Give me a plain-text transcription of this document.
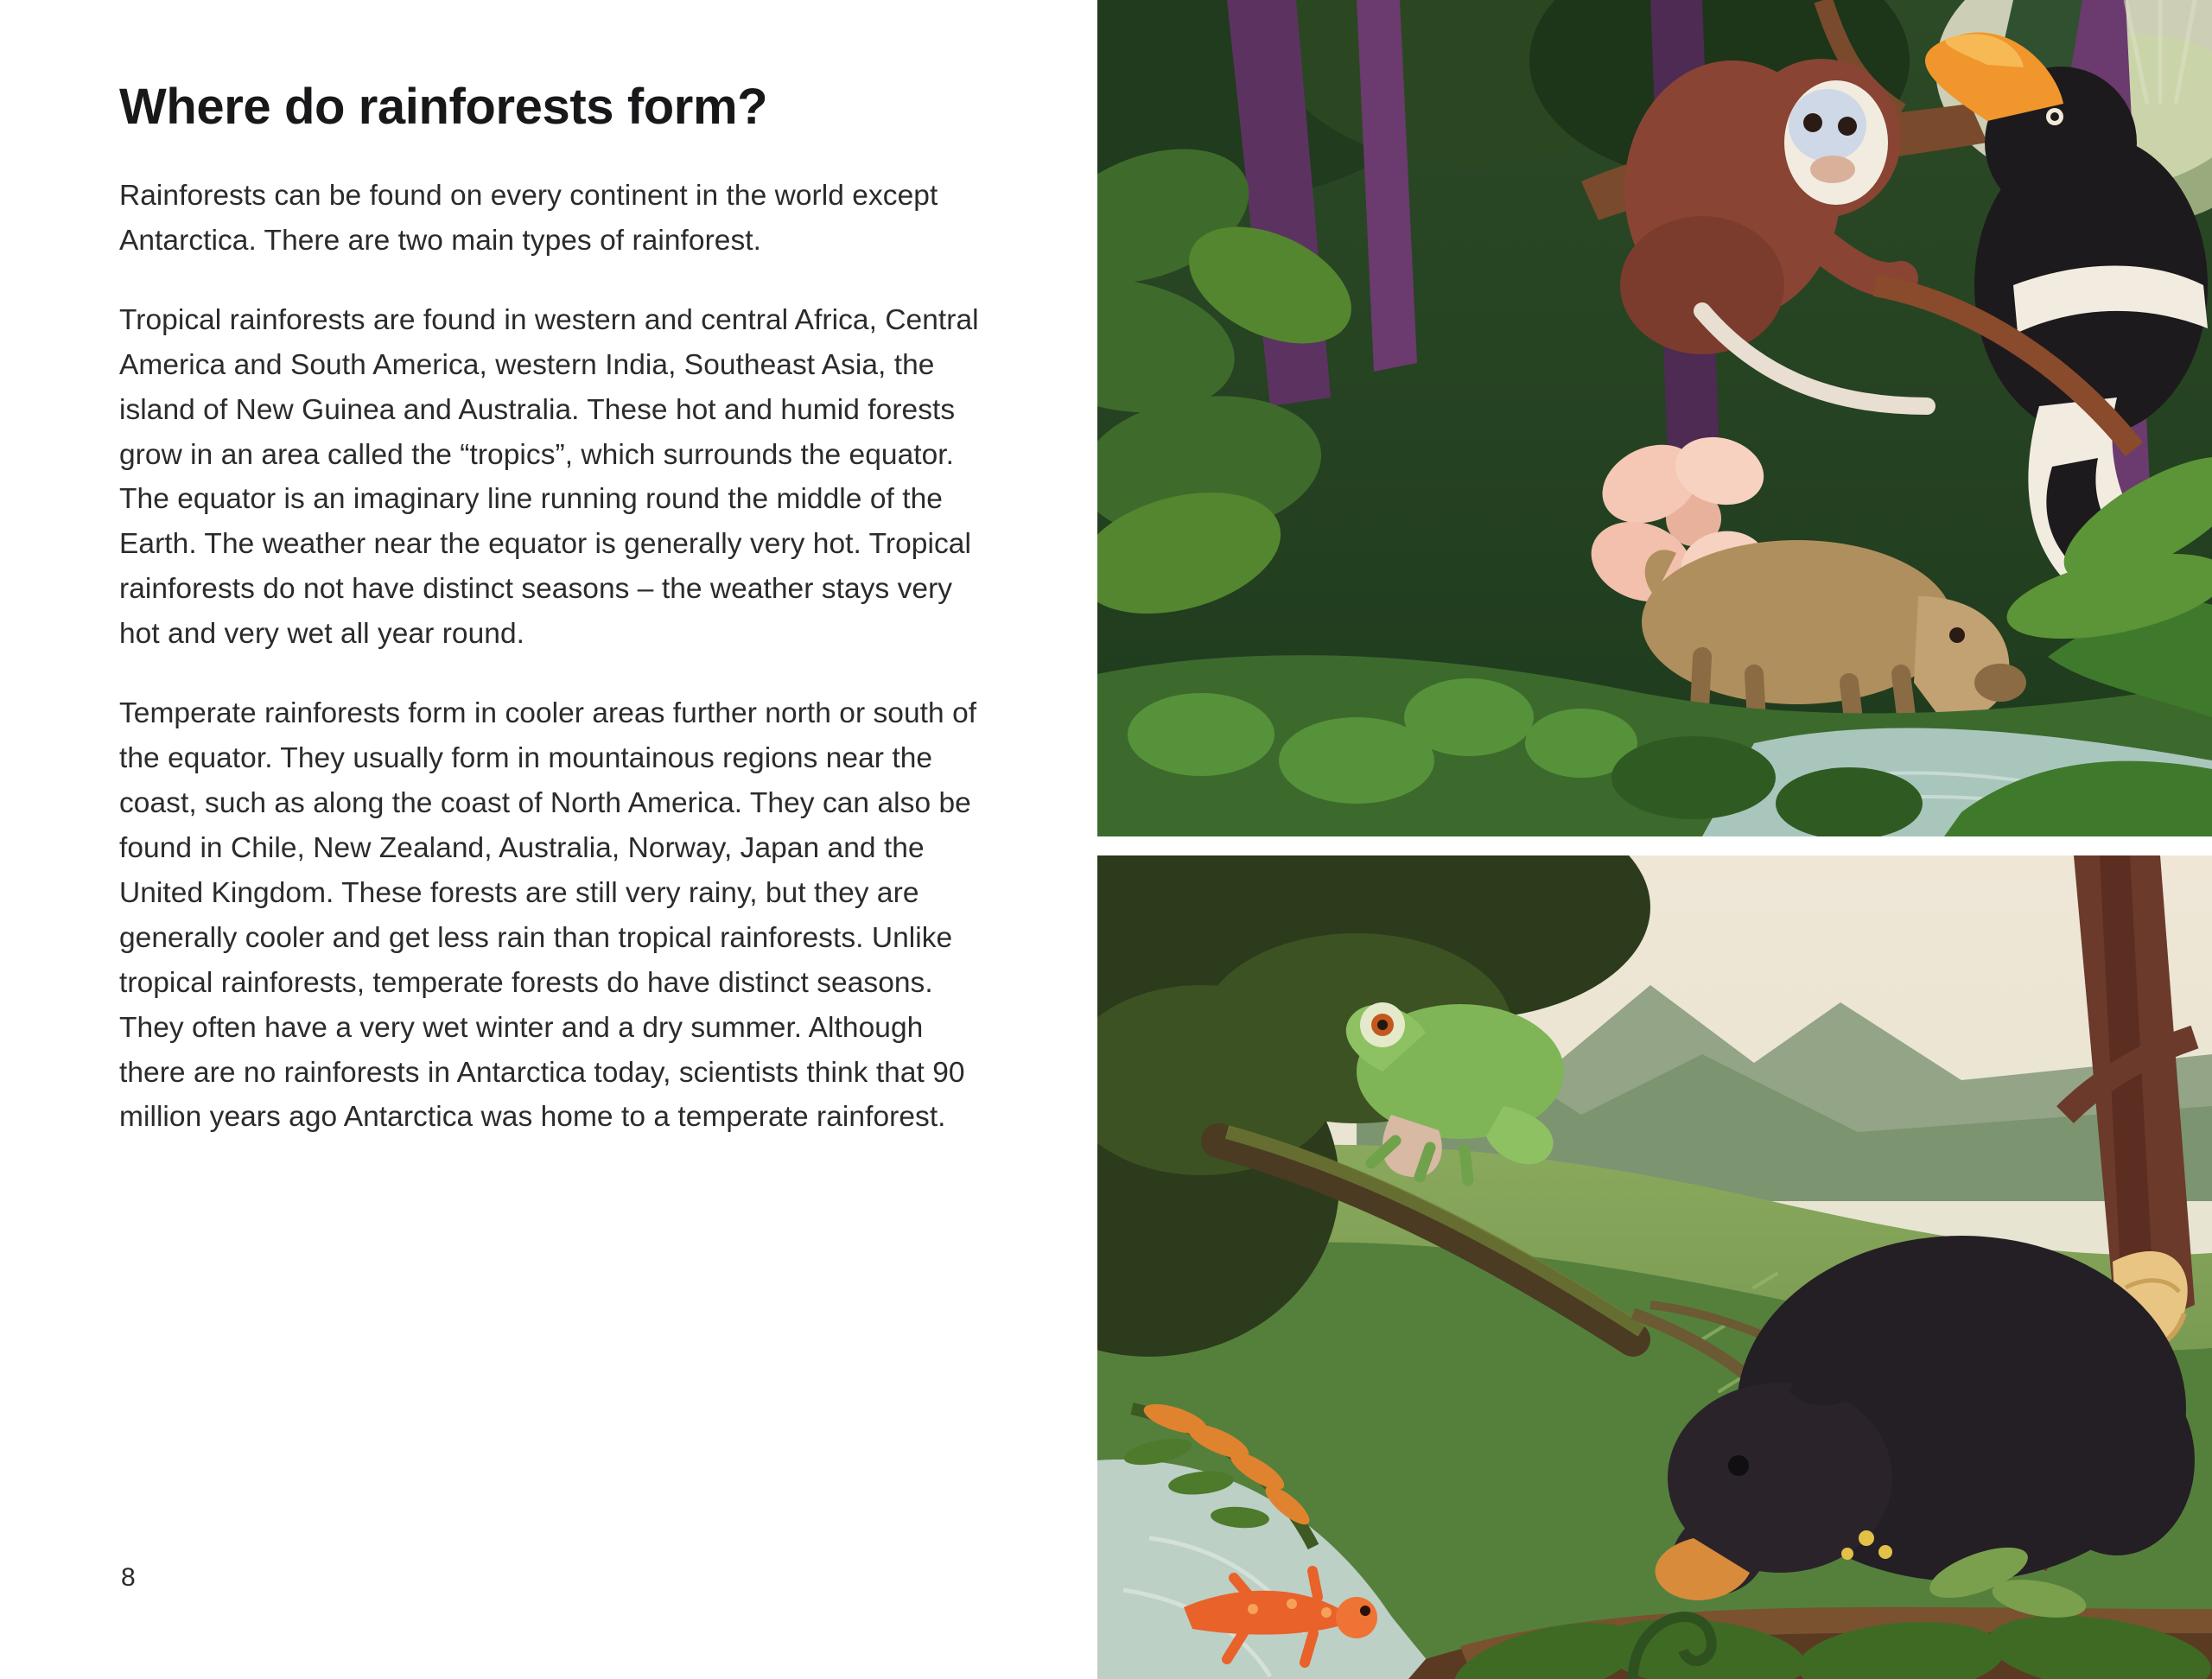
Where do rainforests form?

Rainforests can be found on every continent in the world except Antarctica. There are two main types of rainforest.

Tropical rainforests are found in western and central Africa, Central America and South America, western India, Southeast Asia, the island of New Guinea and Australia. These hot and humid forests grow in an area called the “tropics”, which surrounds the equator. The equator is an imaginary line running round the middle of the Earth. The weather near the equator is generally very hot. Tropical rainforests do not have distinct seasons – the weather stays very hot and very wet all year round.

Temperate rainforests form in cooler areas further north or south of the equator. They usually form in mountainous regions near the coast, such as along the coast of North America. They can also be found in Chile, New Zealand, Australia, Norway, Japan and the United Kingdom. These forests are still very rainy, but they are generally cooler and get less rain than tropical rainforests. Unlike tropical rainforests, temperate forests do have distinct seasons. They often have a very wet winter and a dry summer. Although there are no rainforests in Antarctica today, scientists think that 90 million years ago Antarctica was home to a temperate rainforest.

8
